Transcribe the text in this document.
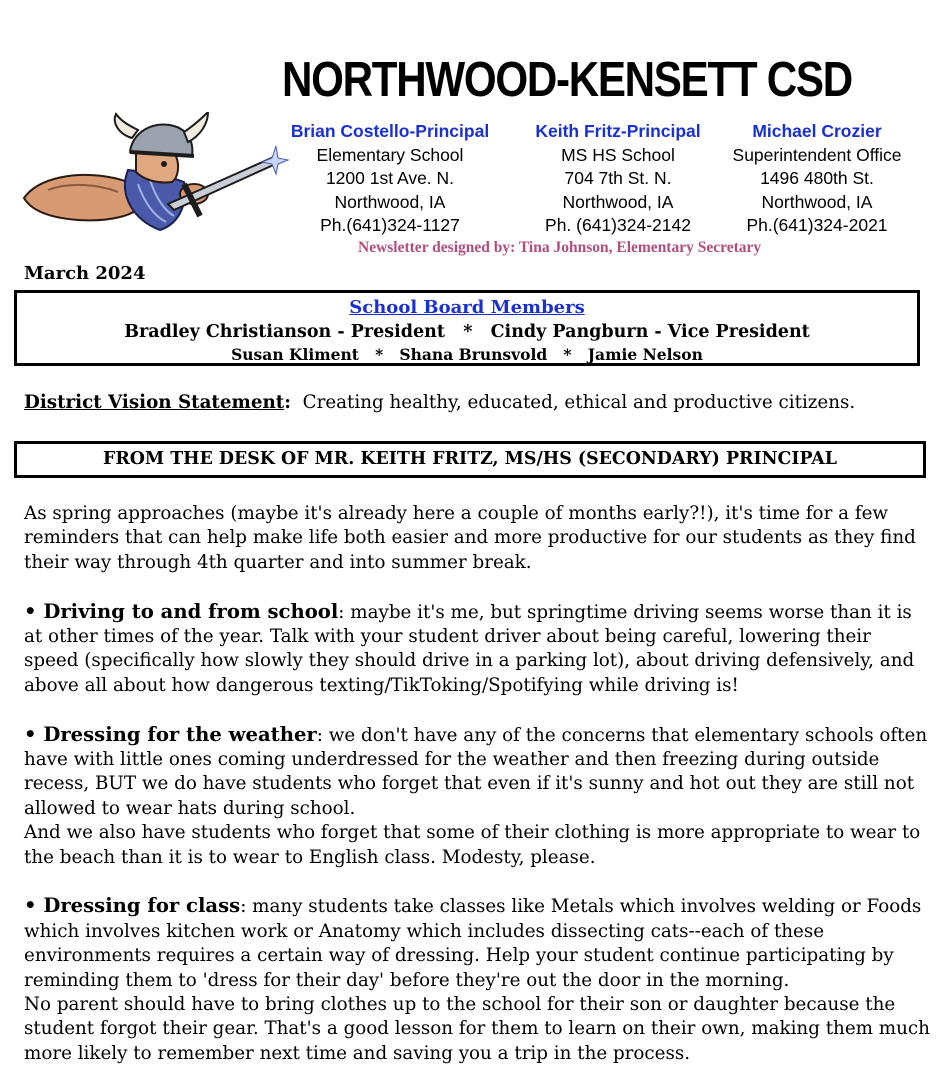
NORTHWOOD-KENSETT CSD
Brian Costello-Principal
Elementary School
1200 1st Ave. N.
Northwood, IA
Ph.(641)324-1127
Keith Fritz-Principal
MS HS School
704 7th St. N.
Northwood, IA
Ph. (641)324-2142
Michael Crozier
Superintendent Office
1496 480th St.
Northwood, IA
Ph.(641)324-2021
Newsletter designed by: Tina Johnson, Elementary Secretary
March 2024
School Board Members
Bradley Christianson - President   *   Cindy Pangburn - Vice President
Susan Kliment   *   Shana Brunsvold   *   Jamie Nelson
District Vision Statement: Creating healthy, educated, ethical and productive citizens.
FROM THE DESK OF MR. KEITH FRITZ, MS/HS (SECONDARY) PRINCIPAL

As spring approaches (maybe it's already here a couple of months early?!), it's time for a few reminders that can help make life both easier and more productive for our students as they find their way through 4th quarter and into summer break.

• Driving to and from school: maybe it's me, but springtime driving seems worse than it is at other times of the year. Talk with your student driver about being careful, lowering their speed (specifically how slowly they should drive in a parking lot), about driving defensively, and above all about how dangerous texting/TikToking/Spotifying while driving is!

• Dressing for the weather: we don't have any of the concerns that elementary schools often have with little ones coming underdressed for the weather and then freezing during outside recess, BUT we do have students who forget that even if it's sunny and hot out they are still not allowed to wear hats during school.

And we also have students who forget that some of their clothing is more appropriate to wear to the beach than it is to wear to English class. Modesty, please.

• Dressing for class: many students take classes like Metals which involves welding or Foods which involves kitchen work or Anatomy which includes dissecting cats--each of these environments requires a certain way of dressing. Help your student continue participating by reminding them to 'dress for their day' before they're out the door in the morning.

No parent should have to bring clothes up to the school for their son or daughter because the student forgot their gear. That's a good lesson for them to learn on their own, making them much more likely to remember next time and saving you a trip in the process.
